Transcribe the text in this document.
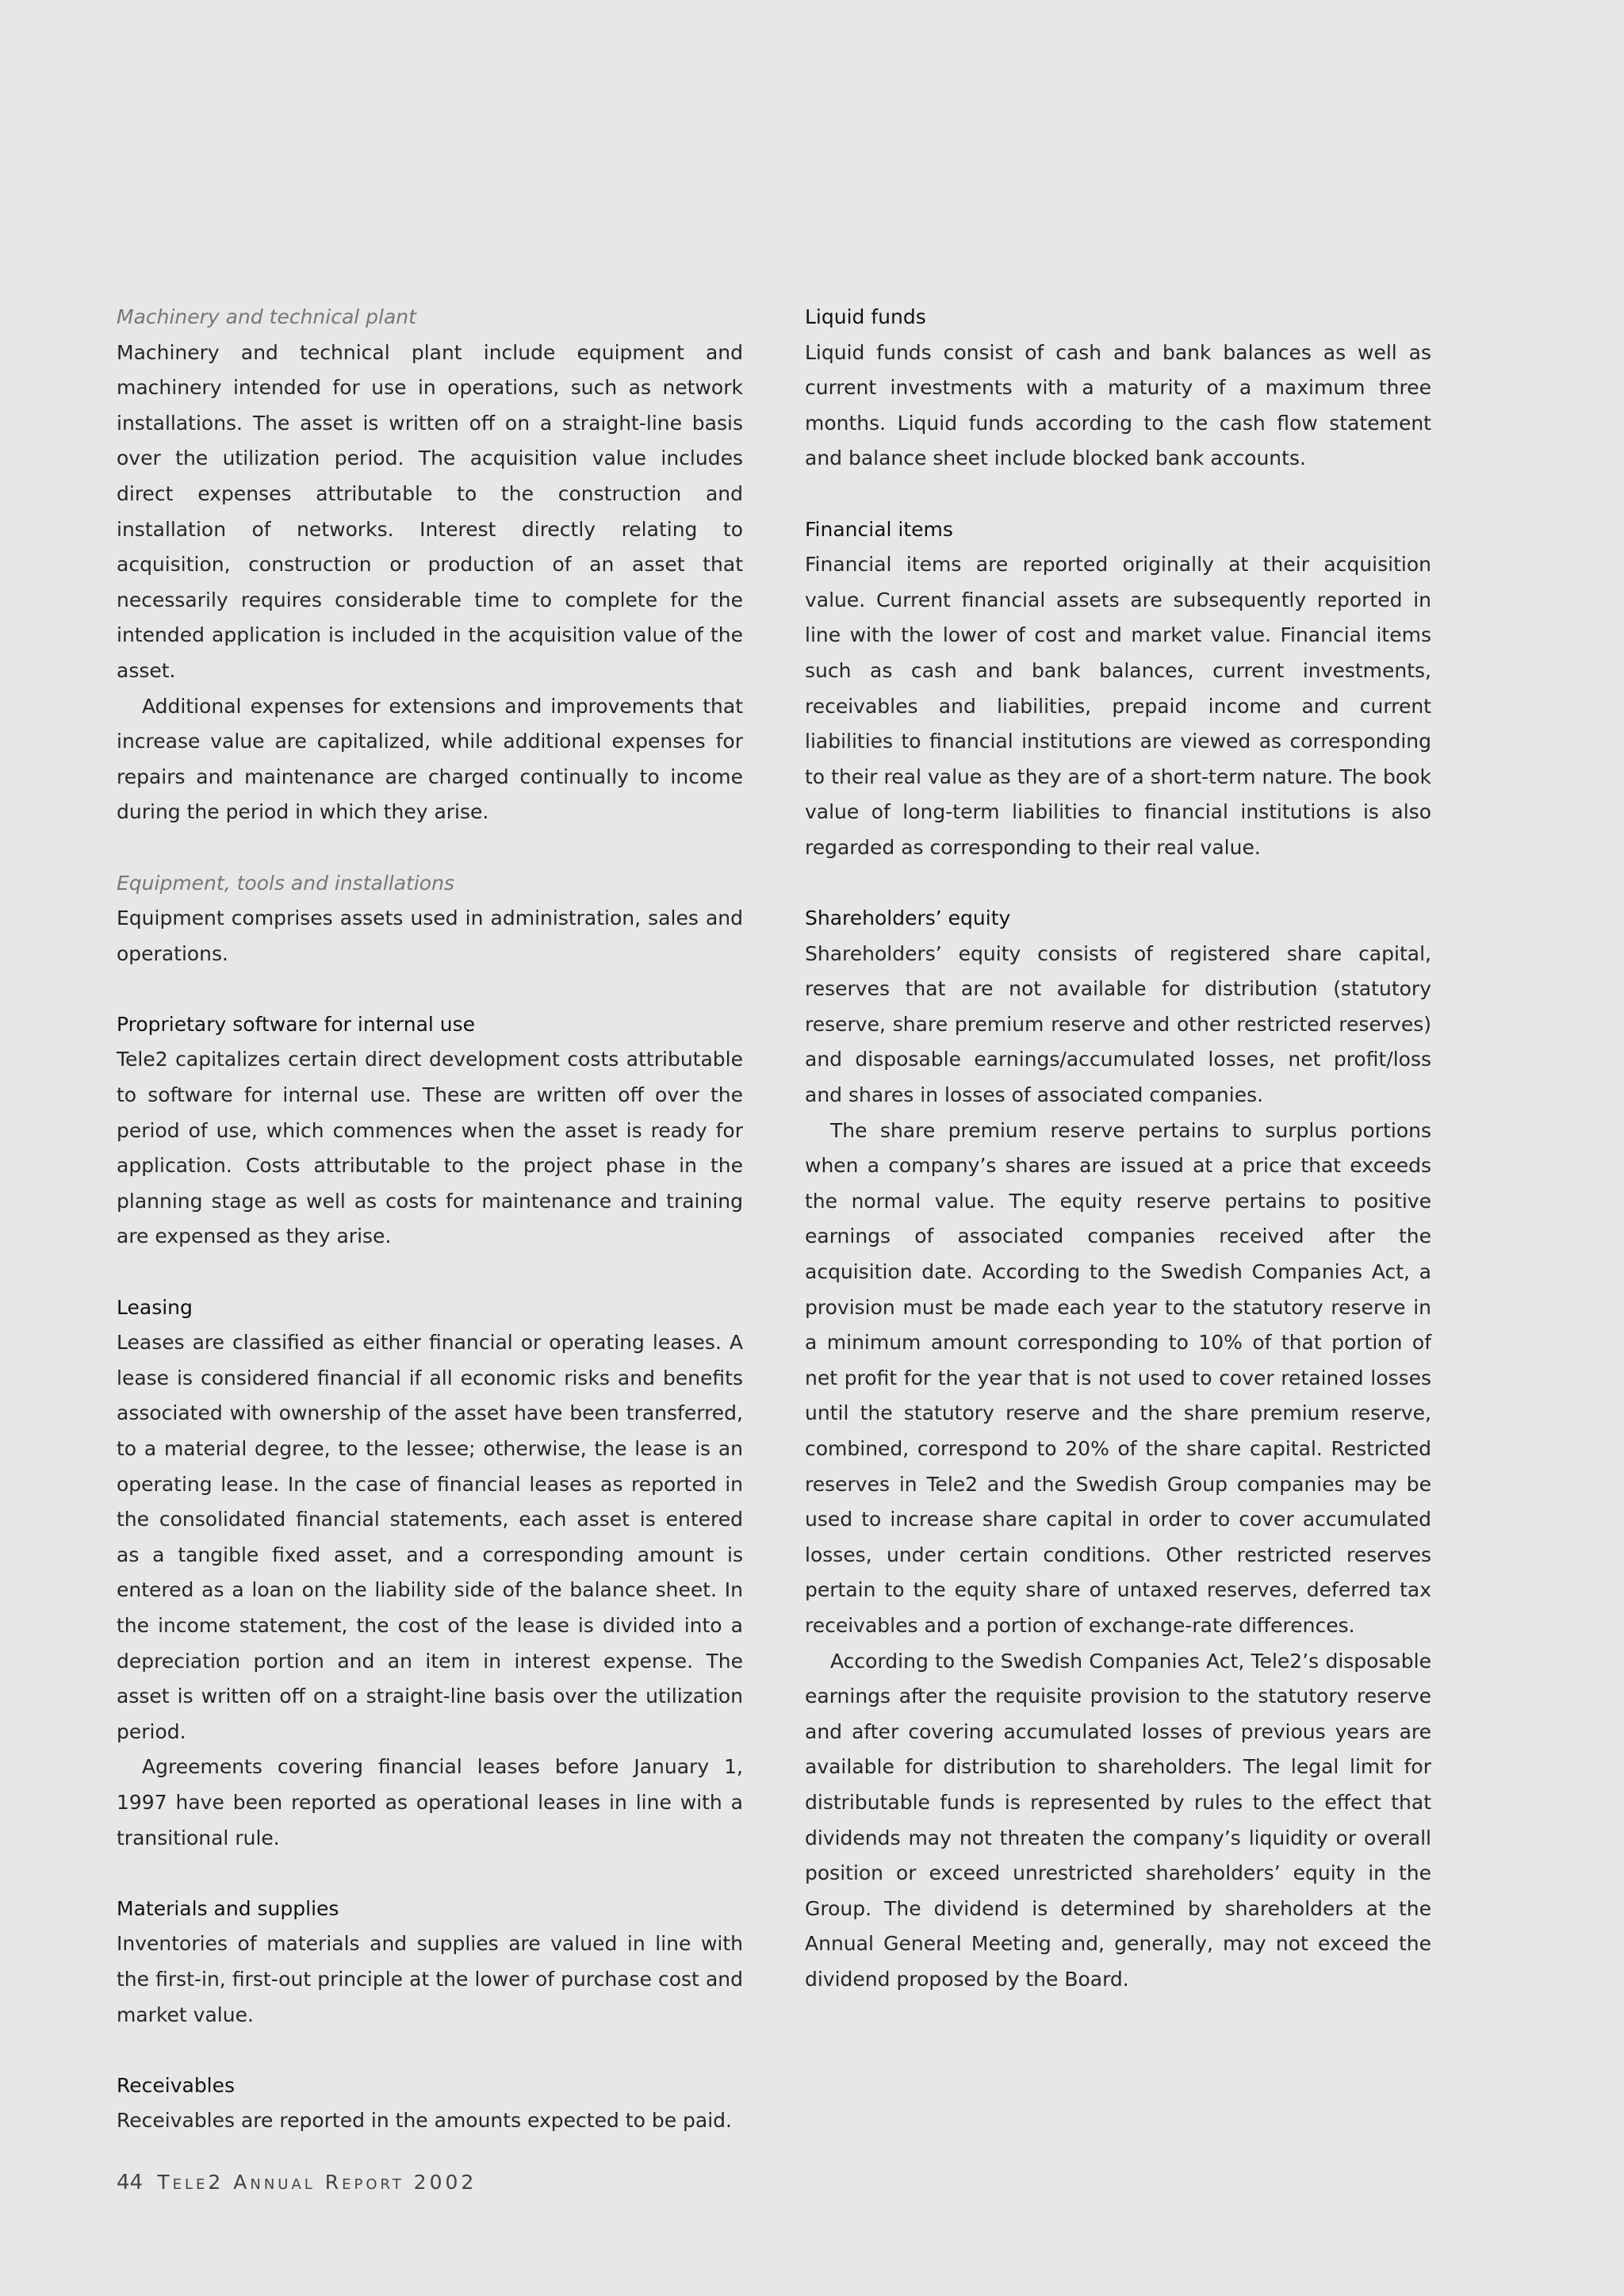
Machinery and technical plant

Machinery and technical plant include equipment and machinery intended for use in operations, such as network installations. The asset is written off on a straight-line basis over the utilization period. The acquisition value includes direct expenses attributable to the construction and installation of networks. Interest directly relating to acquisition, construction or production of an asset that necessarily requires considerable time to complete for the intended application is included in the acquisition value of the asset.

Additional expenses for extensions and improvements that increase value are capitalized, while additional expenses for repairs and maintenance are charged continually to income during the period in which they arise.

Equipment, tools and installations

Equipment comprises assets used in administration, sales and operations.

Proprietary software for internal use

Tele2 capitalizes certain direct development costs attributable to software for internal use. These are written off over the period of use, which commences when the asset is ready for application. Costs attributable to the project phase in the planning stage as well as costs for maintenance and training are expensed as they arise.

Leasing

Leases are classified as either financial or operating leases. A lease is considered financial if all economic risks and benefits associated with ownership of the asset have been transferred, to a material degree, to the lessee; otherwise, the lease is an operating lease. In the case of financial leases as reported in the consolidated financial statements, each asset is entered as a tangible fixed asset, and a corresponding amount is entered as a loan on the liability side of the balance sheet. In the income statement, the cost of the lease is divided into a depreciation portion and an item in interest expense. The asset is written off on a straight-line basis over the utilization period.

Agreements covering financial leases before January 1, 1997 have been reported as operational leases in line with a transitional rule.

Materials and supplies

Inventories of materials and supplies are valued in line with the first-in, first-out principle at the lower of purchase cost and market value.

Receivables

Receivables are reported in the amounts expected to be paid.

Liquid funds

Liquid funds consist of cash and bank balances as well as current investments with a maturity of a maximum three months. Liquid funds according to the cash flow statement and balance sheet include blocked bank accounts.

Financial items

Financial items are reported originally at their acquisition value. Current financial assets are subsequently reported in line with the lower of cost and market value. Financial items such as cash and bank balances, current investments, receivables and liabilities, prepaid income and current liabilities to financial institutions are viewed as corresponding to their real value as they are of a short-term nature. The book value of long-term liabilities to financial institutions is also regarded as corresponding to their real value.

Shareholders’ equity

Shareholders’ equity consists of registered share capital, reserves that are not available for distribution (statutory reserve, share premium reserve and other restricted reserves) and disposable earnings/accumulated losses, net profit/loss and shares in losses of associated companies.

The share premium reserve pertains to surplus portions when a company’s shares are issued at a price that exceeds the normal value. The equity reserve pertains to positive earnings of associated companies received after the acquisition date. According to the Swedish Companies Act, a provision must be made each year to the statutory reserve in a minimum amount corresponding to 10% of that portion of net profit for the year that is not used to cover retained losses until the statutory reserve and the share premium reserve, combined, correspond to 20% of the share capital. Restricted reserves in Tele2 and the Swedish Group companies may be used to increase share capital in order to cover accumulated losses, under certain conditions. Other restricted reserves pertain to the equity share of untaxed reserves, deferred tax receivables and a portion of exchange-rate differences.

According to the Swedish Companies Act, Tele2’s disposable earnings after the requisite provision to the statutory reserve and after covering accumulated losses of previous years are available for distribution to shareholders. The legal limit for distributable funds is represented by rules to the effect that dividends may not threaten the company’s liquidity or overall position or exceed unrestricted shareholders’ equity in the Group. The dividend is determined by shareholders at the Annual General Meeting and, generally, may not exceed the dividend proposed by the Board.

44 Tele2 Annual Report 2002
